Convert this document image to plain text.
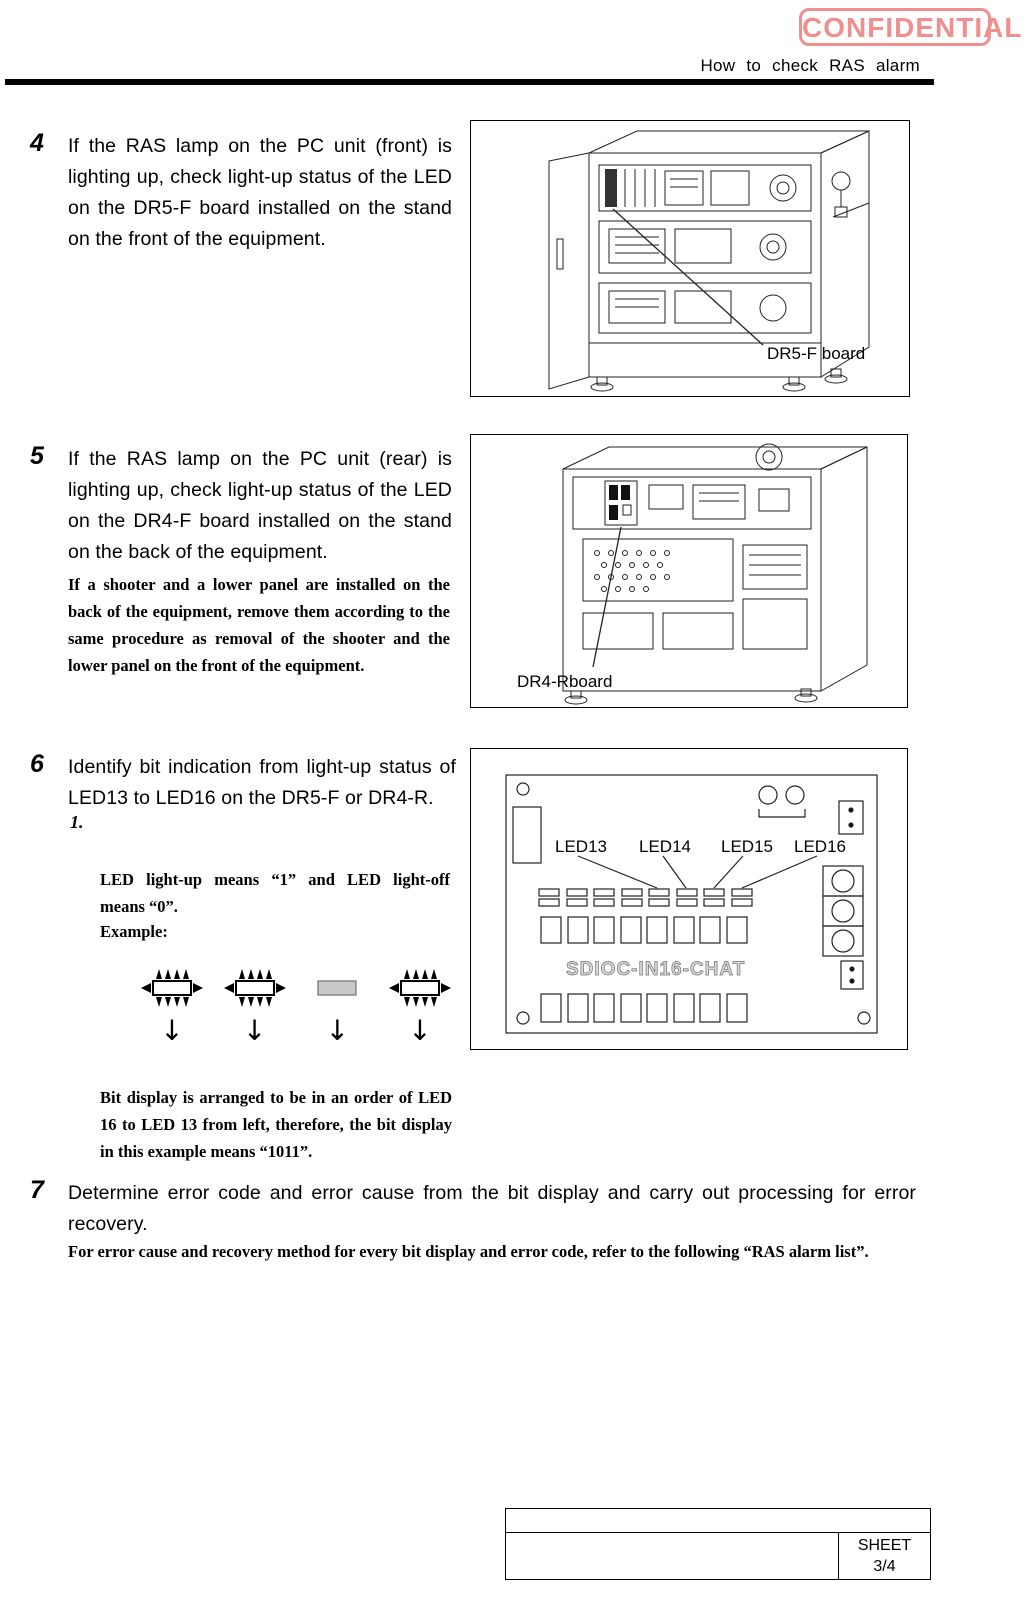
CONFIDENTIAL
How to check RAS alarm
4 If the RAS lamp on the PC unit (front) is lighting up, check light-up status of the LED on the DR5-F board installed on the stand on the front of the equipment.
DR5-F board
5 If the RAS lamp on the PC unit (rear) is lighting up, check light-up status of the LED on the DR4-F board installed on the stand on the back of the equipment.
If a shooter and a lower panel are installed on the back of the equipment, remove them according to the same procedure as removal of the shooter and the lower panel on the front of the equipment.
DR4-Rboard
6 Identify bit indication from light-up status of LED13 to LED16 on the DR5-F or DR4-R.
1.
LED light-up means “1” and LED light-off means “0”.
Example:
↓	↓	↓	↓
Bit display is arranged to be in an order of LED 16 to LED 13 from left, therefore, the bit display in this example means “1011”.
LED13 LED14 LED15 LED16
SDIOC-IN16-CHAT
7 Determine error code and error cause from the bit display and carry out processing for error recovery.
For error cause and recovery method for every bit display and error code, refer to the following “RAS alarm list”.
SHEET
3/4
